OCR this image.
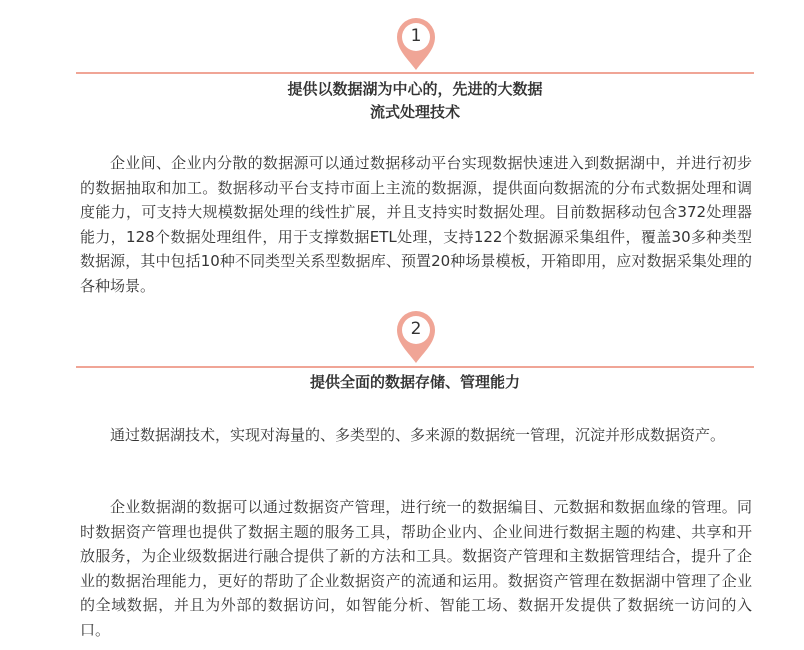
1
提供以数据湖为中心的，先进的大数据
流式处理技术

企业间、企业内分散的数据源可以通过数据移动平台实现数据快速进入到数据湖中，并进行初步的数据抽取和加工。数据移动平台支持市面上主流的数据源，提供面向数据流的分布式数据处理和调度能力，可支持大规模数据处理的线性扩展，并且支持实时数据处理。目前数据移动包含372处理器能力，128个数据处理组件，用于支撑数据ETL处理，支持122个数据源采集组件，覆盖30多种类型数据源，其中包括10种不同类型关系型数据库、预置20种场景模板，开箱即用，应对数据采集处理的各种场景。

2
提供全面的数据存储、管理能力

通过数据湖技术，实现对海量的、多类型的、多来源的数据统一管理，沉淀并形成数据资产。

企业数据湖的数据可以通过数据资产管理，进行统一的数据编目、元数据和数据血缘的管理。同时数据资产管理也提供了数据主题的服务工具，帮助企业内、企业间进行数据主题的构建、共享和开放服务，为企业级数据进行融合提供了新的方法和工具。数据资产管理和主数据管理结合，提升了企业的数据治理能力，更好的帮助了企业数据资产的流通和运用。数据资产管理在数据湖中管理了企业的全域数据，并且为外部的数据访问，如智能分析、智能工场、数据开发提供了数据统一访问的入口。
